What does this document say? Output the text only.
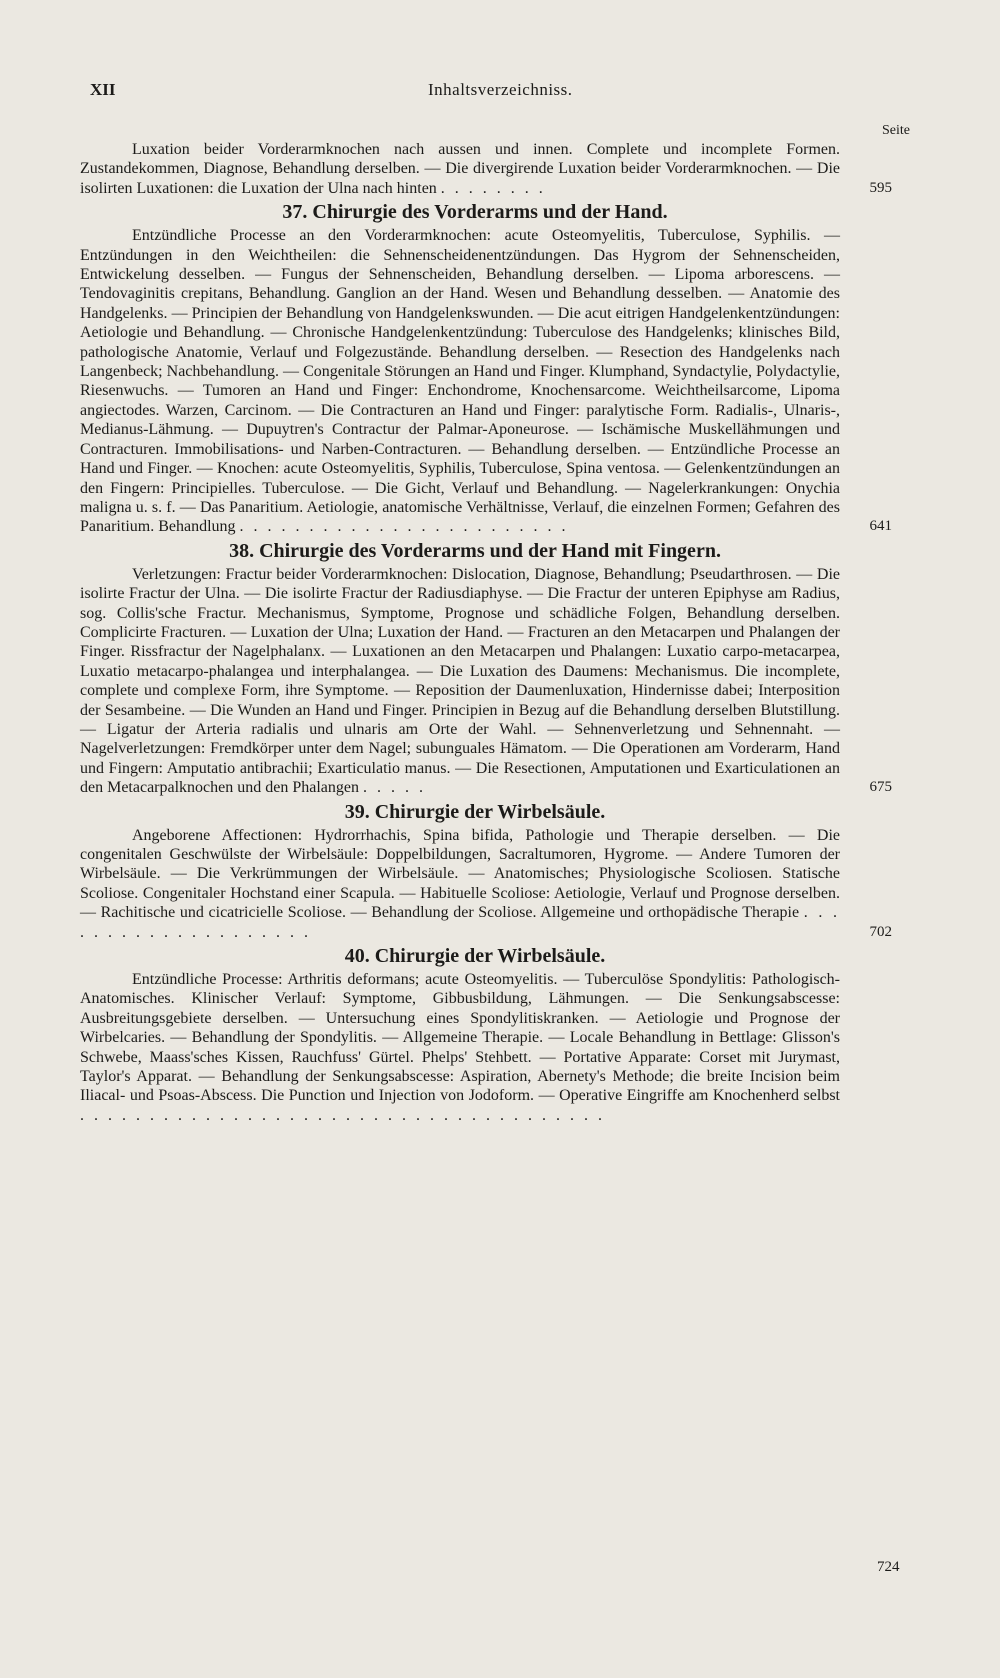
XII	Inhaltsverzeichniss.
Seite
Luxation beider Vorderarmknochen nach aussen und innen. Complete und incomplete Formen. Zustandekommen, Diagnose, Behandlung derselben. — Die divergirende Luxation beider Vorderarmknochen. — Die isolirten Luxationen: die Luxation der Ulna nach hinten . . . . . . . .	595
37. Chirurgie des Vorderarms und der Hand.
Entzündliche Processe an den Vorderarmknochen: acute Osteomyelitis, Tuberculose, Syphilis. — Entzündungen in den Weichtheilen: die Sehnenscheidenentzündungen. Das Hygrom der Sehnenscheiden, Entwickelung desselben. — Fungus der Sehnenscheiden, Behandlung derselben. — Lipoma arborescens. — Tendovaginitis crepitans, Behandlung. Ganglion an der Hand. Wesen und Behandlung desselben. — Anatomie des Handgelenks. — Principien der Behandlung von Handgelenkswunden. — Die acut eitrigen Handgelenkentzündungen: Aetiologie und Behandlung. — Chronische Handgelenkentzündung: Tuberculose des Handgelenks; klinisches Bild, pathologische Anatomie, Verlauf und Folgezustände. Behandlung derselben. — Resection des Handgelenks nach Langenbeck; Nachbehandlung. — Congenitale Störungen an Hand und Finger. Klumphand, Syndactylie, Polydactylie, Riesenwuchs. — Tumoren an Hand und Finger: Enchondrome, Knochensarcome. Weichtheilsarcome, Lipoma angiectodes. Warzen, Carcinom. — Die Contracturen an Hand und Finger: paralytische Form. Radialis-, Ulnaris-, Medianus-Lähmung. — Dupuytren's Contractur der Palmar-Aponeurose. — Ischämische Muskellähmungen und Contracturen. Immobilisations- und Narben-Contracturen. — Behandlung derselben. — Entzündliche Processe an Hand und Finger. — Knochen: acute Osteomyelitis, Syphilis, Tuberculose, Spina ventosa. — Gelenkentzündungen an den Fingern: Principielles. Tuberculose. — Die Gicht, Verlauf und Behandlung. — Nagelerkrankungen: Onychia maligna u. s. f. — Das Panaritium. Aetiologie, anatomische Verhältnisse, Verlauf, die einzelnen Formen; Gefahren des Panaritium. Behandlung . . . . . . . . . . . . . . . . . . . . . . . .	641
38. Chirurgie des Vorderarms und der Hand mit Fingern.
Verletzungen: Fractur beider Vorderarmknochen: Dislocation, Diagnose, Behandlung; Pseudarthrosen. — Die isolirte Fractur der Ulna. — Die isolirte Fractur der Radiusdiaphyse. — Die Fractur der unteren Epiphyse am Radius, sog. Collis'sche Fractur. Mechanismus, Symptome, Prognose und schädliche Folgen, Behandlung derselben. Complicirte Fracturen. — Luxation der Ulna; Luxation der Hand. — Fracturen an den Metacarpen und Phalangen der Finger. Rissfractur der Nagelphalanx. — Luxationen an den Metacarpen und Phalangen: Luxatio carpo-metacarpea, Luxatio metacarpo-phalangea und interphalangea. — Die Luxation des Daumens: Mechanismus. Die incomplete, complete und complexe Form, ihre Symptome. — Reposition der Daumenluxation, Hindernisse dabei; Interposition der Sesambeine. — Die Wunden an Hand und Finger. Principien in Bezug auf die Behandlung derselben Blutstillung. — Ligatur der Arteria radialis und ulnaris am Orte der Wahl. — Sehnenverletzung und Sehnennaht. — Nagelverletzungen: Fremdkörper unter dem Nagel; subunguales Hämatom. — Die Operationen am Vorderarm, Hand und Fingern: Amputatio antibrachii; Exarticulatio manus. — Die Resectionen, Amputationen und Exarticulationen an den Metacarpalknochen und den Phalangen . . . . .	675
39. Chirurgie der Wirbelsäule.
Angeborene Affectionen: Hydrorrhachis, Spina bifida, Pathologie und Therapie derselben. — Die congenitalen Geschwülste der Wirbelsäule: Doppelbildungen, Sacraltumoren, Hygrome. — Andere Tumoren der Wirbelsäule. — Die Verkrümmungen der Wirbelsäule. — Anatomisches; Physiologische Scoliosen. Statische Scoliose. Congenitaler Hochstand einer Scapula. — Habituelle Scoliose: Aetiologie, Verlauf und Prognose derselben. — Rachitische und cicatricielle Scoliose. — Behandlung der Scoliose. Allgemeine und orthopädische Therapie . . . . . . . . . . . . . . . . . . . .	702
40. Chirurgie der Wirbelsäule.
Entzündliche Processe: Arthritis deformans; acute Osteomyelitis. — Tuberculöse Spondylitis: Pathologisch-Anatomisches. Klinischer Verlauf: Symptome, Gibbusbildung, Lähmungen. — Die Senkungsabscesse: Ausbreitungsgebiete derselben. — Untersuchung eines Spondylitiskranken. — Aetiologie und Prognose der Wirbelcaries. — Behandlung der Spondylitis. — Allgemeine Therapie. — Locale Behandlung in Bettlage: Glisson's Schwebe, Maass'sches Kissen, Rauchfuss' Gürtel. Phelps' Stehbett. — Portative Apparate: Corset mit Jurymast, Taylor's Apparat. — Behandlung der Senkungsabscesse: Aspiration, Abernety's Methode; die breite Incision beim Iliacal- und Psoas-Abscess. Die Punction und Injection von Jodoform. — Operative Eingriffe am Knochenherd selbst . . . . . . . . . . . . . . . . . . . . . . . . . . . . . . . . . . . . . .
724
